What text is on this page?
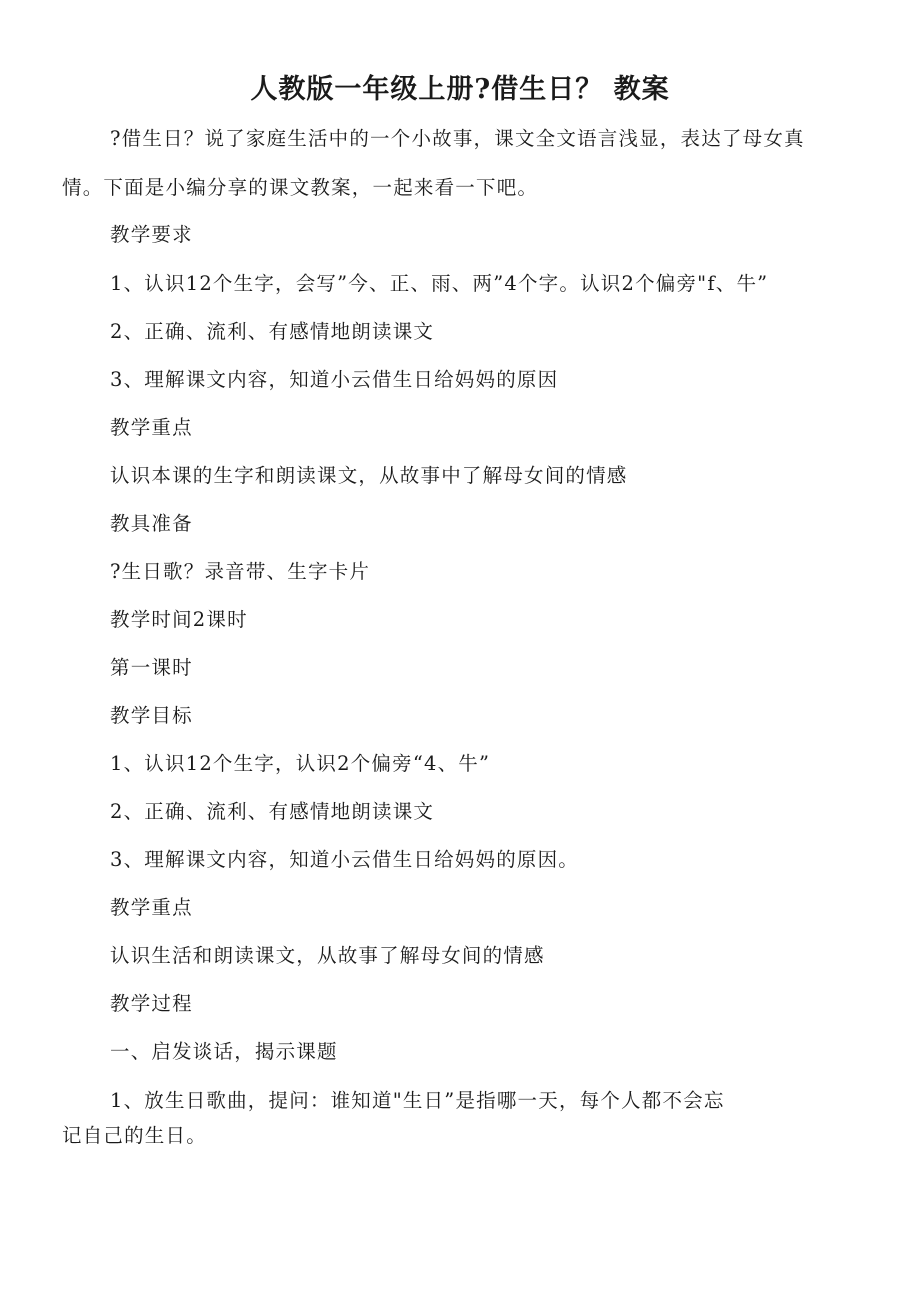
人教版一年级上册?借生日？ 教案
?借生日？说了家庭生活中的一个小故事，课文全文语言浅显，表达了母女真
情。下面是小编分享的课文教案，一起来看一下吧。
教学要求
1、认识12个生字，会写”今、正、雨、两”4个字。认识2个偏旁"f、牛”
2、正确、流利、有感情地朗读课文
3、理解课文内容，知道小云借生日给妈妈的原因
教学重点
认识本课的生字和朗读课文，从故事中了解母女间的情感
教具准备
?生日歌？录音带、生字卡片
教学时间2课时
第一课时
教学目标
1、认识12个生字，认识2个偏旁“4、牛”
2、正确、流利、有感情地朗读课文
3、理解课文内容，知道小云借生日给妈妈的原因。
教学重点
认识生活和朗读课文，从故事了解母女间的情感
教学过程
一、启发谈话，揭示课题
1、放生日歌曲，提问：谁知道"生日”是指哪一天，每个人都不会忘
记自己的生日。
